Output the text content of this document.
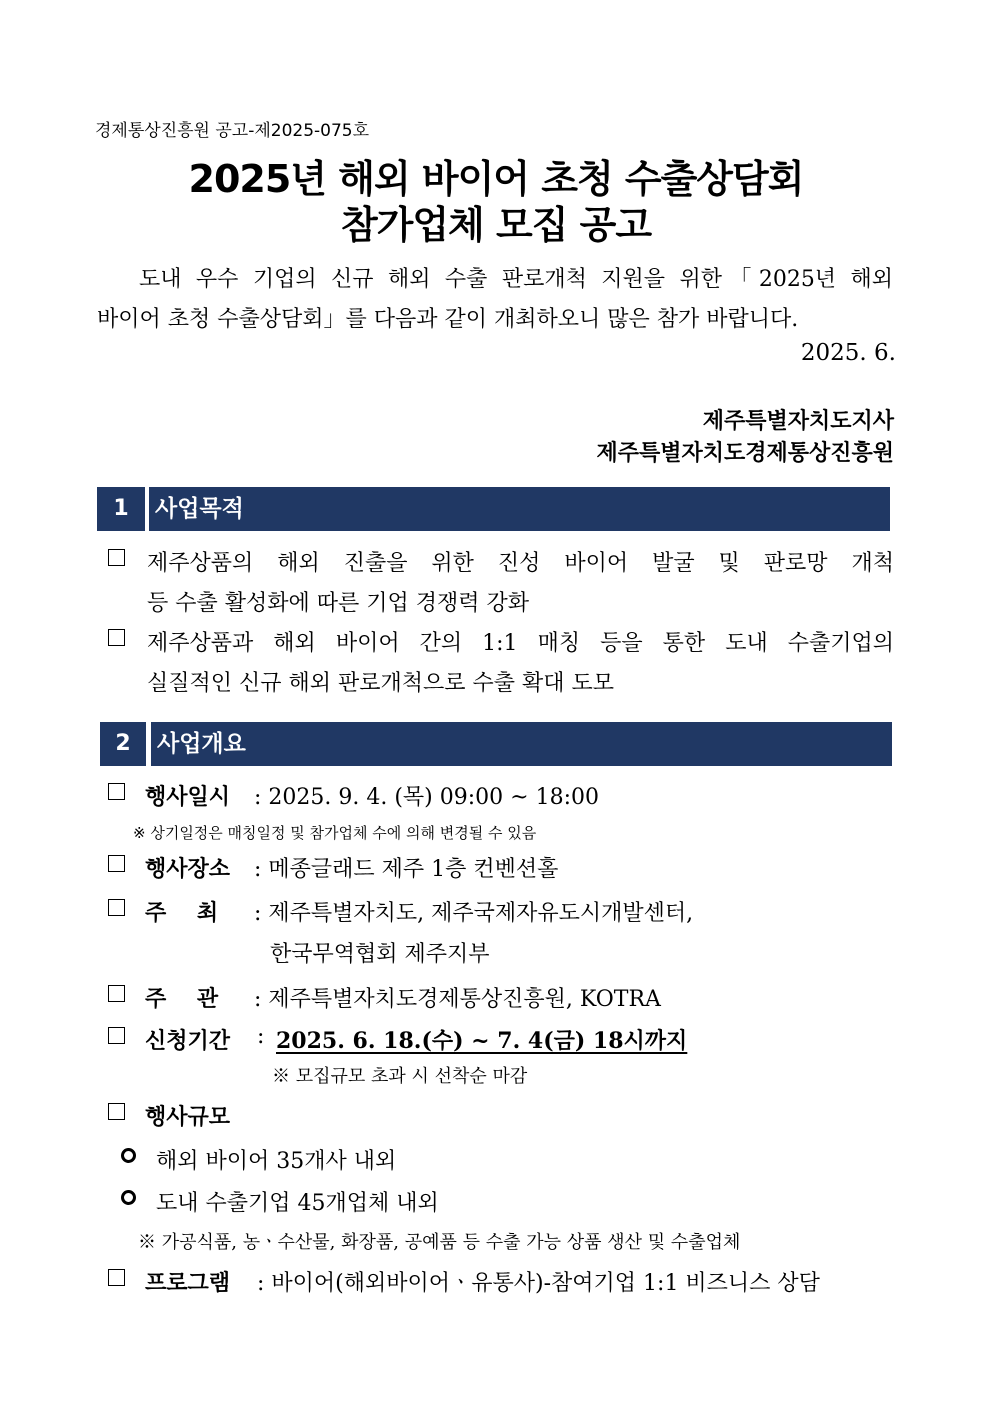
경제통상진흥원 공고-제2025-075호
2025년 해외 바이어 초청 수출상담회
참가업체 모집 공고
도내 우수 기업의 신규 해외 수출 판로개척 지원을 위한「2025년 해외
바이어 초청 수출상담회」를 다음과 같이 개최하오니 많은 참가 바랍니다.
2025. 6.
제주특별자치도지사
제주특별자치도경제통상진흥원
1	사업목적
제주상품의 해외 진출을 위한 진성 바이어 발굴 및 판로망 개척
등 수출 활성화에 따른 기업 경쟁력 강화
제주상품과 해외 바이어 간의 1:1 매칭 등을 통한 도내 수출기업의
실질적인 신규 해외 판로개척으로 수출 확대 도모
2	사업개요
행사일시 : 2025. 9. 4. (목) 09:00 ~ 18:00
※ 상기일정은 매칭일정 및 참가업체 수에 의해 변경될 수 있음
행사장소 : 메종글래드 제주 1층 컨벤션홀
주    최 : 제주특별자치도, 제주국제자유도시개발센터,
한국무역협회 제주지부
주    관 : 제주특별자치도경제통상진흥원, KOTRA
신청기간 : 2025. 6. 18.(수) ~ 7. 4(금) 18시까지
※ 모집규모 초과 시 선착순 마감
행사규모
해외 바이어 35개사 내외
도내 수출기업 45개업체 내외
※ 가공식품, 농ㆍ수산물, 화장품, 공예품 등 수출 가능 상품 생산 및 수출업체
프로그램 : 바이어(해외바이어ㆍ유통사)-참여기업 1:1 비즈니스 상담
